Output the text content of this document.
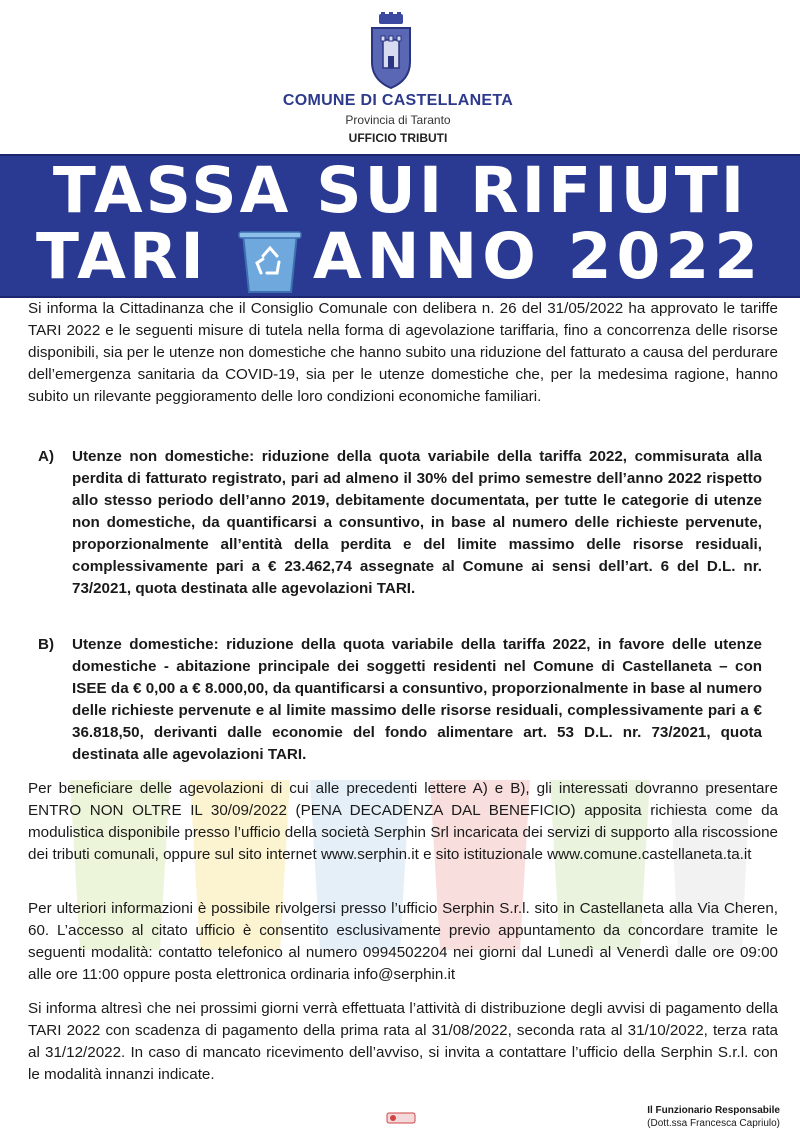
COMUNE DI CASTELLANETA
Provincia di Taranto
UFFICIO TRIBUTI
TASSA SUI RIFIUTI
TARI ANNO 2022

Si informa la Cittadinanza che il Consiglio Comunale con delibera n. 26 del 31/05/2022 ha approvato le tariffe TARI 2022 e le seguenti misure di tutela nella forma di agevolazione tariffaria, fino a concorrenza delle risorse disponibili, sia per le utenze non domestiche che hanno subito una riduzione del fatturato a causa del perdurare dell’emergenza sanitaria da COVID-19, sia per le utenze domestiche che, per la medesima ragione, hanno subito un rilevante peggioramento delle loro condizioni economiche familiari.

A) Utenze non domestiche: riduzione della quota variabile della tariffa 2022, commisurata alla perdita di fatturato registrato, pari ad almeno il 30% del primo semestre dell’anno 2022 rispetto allo stesso periodo dell’anno 2019, debitamente documentata, per tutte le categorie di utenze non domestiche, da quantificarsi a consuntivo, in base al numero delle richieste pervenute, proporzionalmente all’entità della perdita e del limite massimo delle risorse residuali, complessivamente pari a € 23.462,74 assegnate al Comune ai sensi dell’art. 6 del D.L. nr. 73/2021, quota destinata alle agevolazioni TARI.
B) Utenze domestiche: riduzione della quota variabile della tariffa 2022, in favore delle utenze domestiche - abitazione principale dei soggetti residenti nel Comune di Castellaneta – con ISEE da € 0,00 a € 8.000,00, da quantificarsi a consuntivo, proporzionalmente in base al numero delle richieste pervenute e al limite massimo delle risorse residuali, complessivamente pari a € 36.818,50, derivanti dalle economie del fondo alimentare art. 53 D.L. nr. 73/2021, quota destinata alle agevolazioni TARI.

Per beneficiare delle agevolazioni di cui alle precedenti lettere A) e B), gli interessati dovranno presentare ENTRO NON OLTRE IL 30/09/2022 (PENA DECADENZA DAL BENEFICIO) apposita richiesta come da modulistica disponibile presso l’ufficio della società Serphin Srl incaricata dei servizi di supporto alla riscossione dei tributi comunali, oppure sul sito internet www.serphin.it e sito istituzionale www.comune.castellaneta.ta.it

Per ulteriori informazioni è possibile rivolgersi presso l’ufficio Serphin S.r.l. sito in Castellaneta alla Via Cheren, 60. L’accesso al citato ufficio è consentito esclusivamente previo appuntamento da concordare tramite le seguenti modalità: contatto telefonico al numero 0994502204 nei giorni dal Lunedì al Venerdì dalle ore 09:00 alle ore 11:00 oppure posta elettronica ordinaria info@serphin.it

Si informa altresì che nei prossimi giorni verrà effettuata l’attività di distribuzione degli avvisi di pagamento della TARI 2022 con scadenza di pagamento della prima rata al 31/08/2022, seconda rata al 31/10/2022, terza rata al 31/12/2022. In caso di mancato ricevimento dell’avviso, si invita a contattare l’ufficio della Serphin S.r.l. con le modalità innanzi indicate.

Il Funzionario Responsabile
(Dott.ssa Francesca Capriulo)
